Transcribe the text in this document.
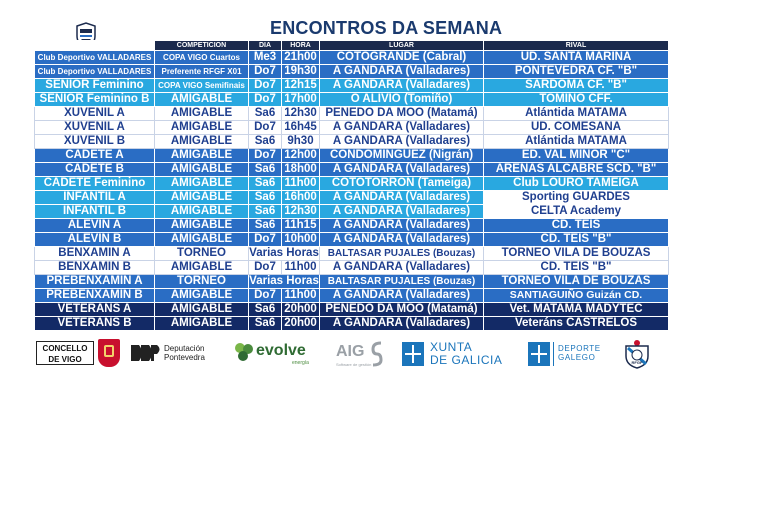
ENCONTROS DA SEMANA
	COMPETICION	DIA	HORA	LUGAR	RIVAL
Club Deportivo VALLADARES	COPA VIGO Cuartos	Me3	21h00	COTOGRANDE (Cabral)	UD. SANTA MARIÑA
Club Deportivo VALLADARES	Preferente RFGF X01	Do7	19h30	A GÁNDARA (Valladares)	PONTEVEDRA CF. "B"
SENIOR Feminino	COPA VIGO Semifinais	Do7	12h15	A GÁNDARA (Valladares)	SARDOMA CF. "B"
SENIOR Feminino B	AMIGABLE	Do7	17h00	O ALIVIO (Tomiño)	TOMIÑO CFF.
XUVENIL A	AMIGABLE	Sa6	12h30	PENEDO DA MOO (Matamá)	Atlántida MATAMÁ
XUVENIL A	AMIGABLE	Do7	16h45	A GÁNDARA (Valladares)	UD. COMESAÑA
XUVENIL B	AMIGABLE	Sa6	9h30	A GÁNDARA (Valladares)	Atlántida MATAMÁ
CADETE A	AMIGABLE	Do7	12h00	CONDOMINGUEZ (Nigrán)	ED. VAL MIÑOR "C"
CADETE B	AMIGABLE	Sa6	18h00	A GÁNDARA (Valladares)	ARENAS ALCABRE SCD. "B"
CADETE Feminino	AMIGABLE	Sa6	11h00	COTOTORRON (Tameiga)	Club LOURO TAMEIGA
INFANTIL A	AMIGABLE	Sa6	16h00	A GÁNDARA (Valladares)	Sporting GUARDÉS
INFANTIL B	AMIGABLE	Sa6	12h30	A GÁNDARA (Valladares)	CELTA Academy
ALEVIN A	AMIGABLE	Sa6	11h15	A GÁNDARA (Valladares)	CD. TEIS
ALEVIN B	AMIGABLE	Do7	10h00	A GÁNDARA (Valladares)	CD. TEIS "B"
BENXAMIN A	TORNEO	Varias Horas		BALTASAR PUJALES (Bouzas)	TORNEO VILA DE BOUZAS
BENXAMIN B	AMIGABLE	Do7	11h00	A GÁNDARA (Valladares)	CD. TEIS "B"
PREBENXAMIN A	TORNEO	Varias Horas		BALTASAR PUJALES (Bouzas)	TORNEO VILA DE BOUZAS
PREBENXAMIN B	AMIGABLE	Do7	11h00	A GÁNDARA (Valladares)	SANTIAGUIÑO Guizán CD.
VETERANS A	AMIGABLE	Sa6	20h00	PENEDO DA MOO (Matamá)	Vet. MATAMÁ MADYTEC
VETERANS B	AMIGABLE	Sa6	20h00	A GÁNDARA (Valladares)	Veteráns CASTRELOS
CONCELLO
DE VIGO
Deputación
Pontevedra	evolve
energía
AIG
Software de gestión
XUNTA
DE GALICIA
DEPORTE
GALEGO
RFGF
